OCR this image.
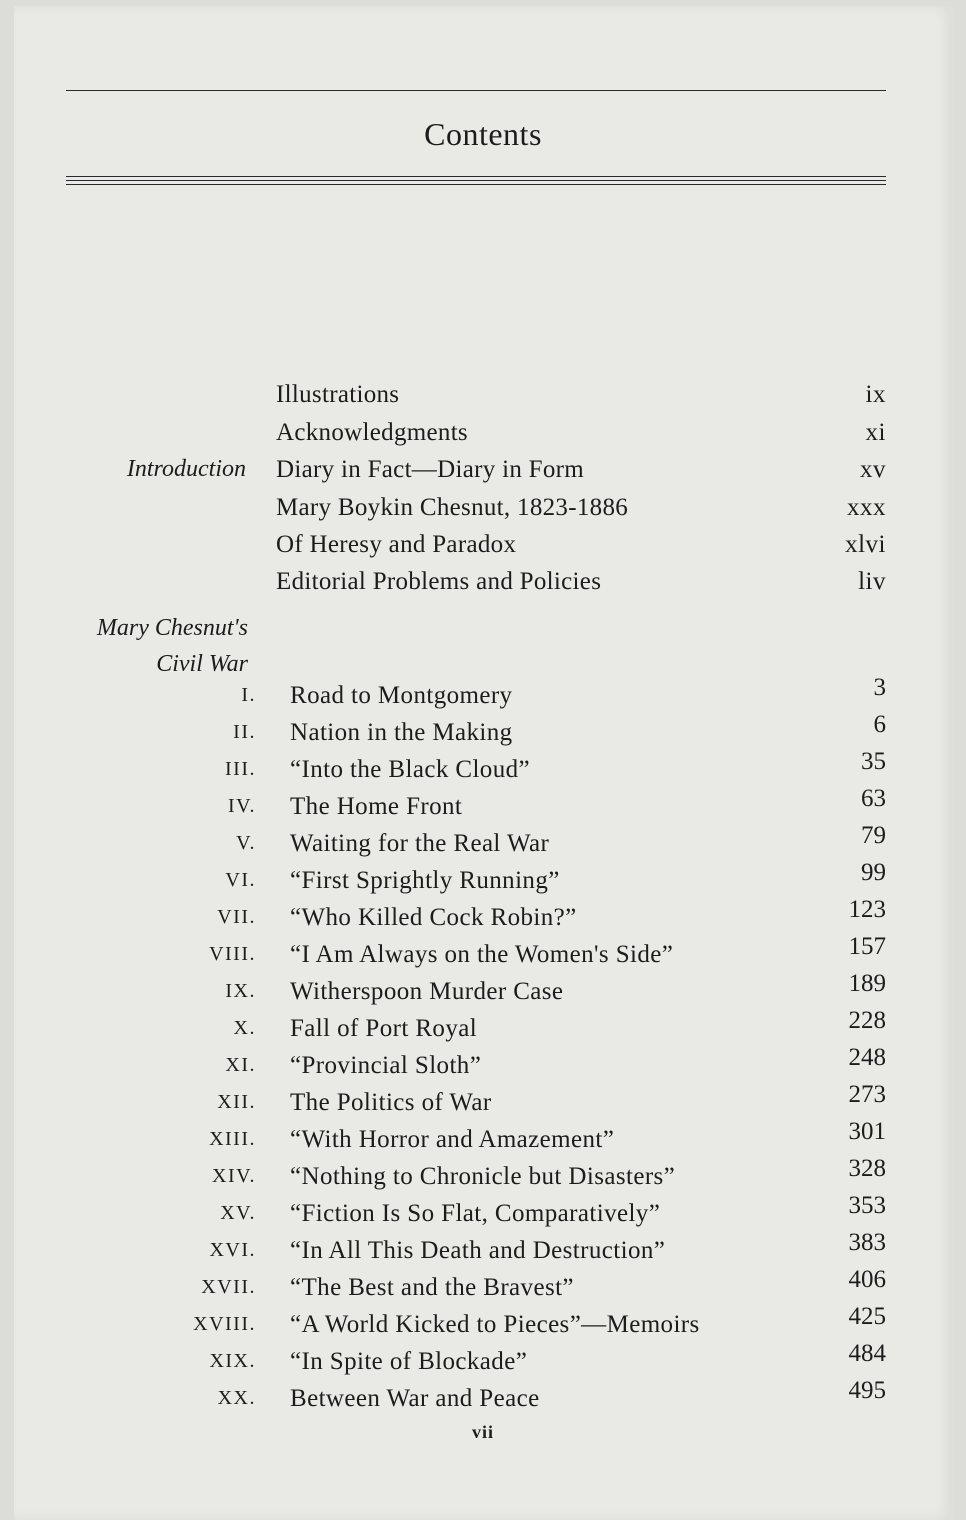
Contents
Illustrations	ix
Acknowledgments	xi
Introduction Diary in Fact—Diary in Form	xv
Mary Boykin Chesnut, 1823-1886	xxx
Of Heresy and Paradox	xlvi
Editorial Problems and Policies	liv
Mary Chesnut's
Civil War
I. Road to Montgomery	3
II. Nation in the Making	6
III. “Into the Black Cloud”	35
IV. The Home Front	63
V. Waiting for the Real War	79
VI. “First Sprightly Running”	99
VII. “Who Killed Cock Robin?”	123
VIII. “I Am Always on the Women's Side”	157
IX. Witherspoon Murder Case	189
X. Fall of Port Royal	228
XI. “Provincial Sloth”	248
XII. The Politics of War	273
XIII. “With Horror and Amazement”	301
XIV. “Nothing to Chronicle but Disasters”	328
XV. “Fiction Is So Flat, Comparatively”	353
XVI. “In All This Death and Destruction”	383
XVII. “The Best and the Bravest”	406
XVIII. “A World Kicked to Pieces”—Memoirs	425
XIX. “In Spite of Blockade”	484
XX. Between War and Peace	495
vii
